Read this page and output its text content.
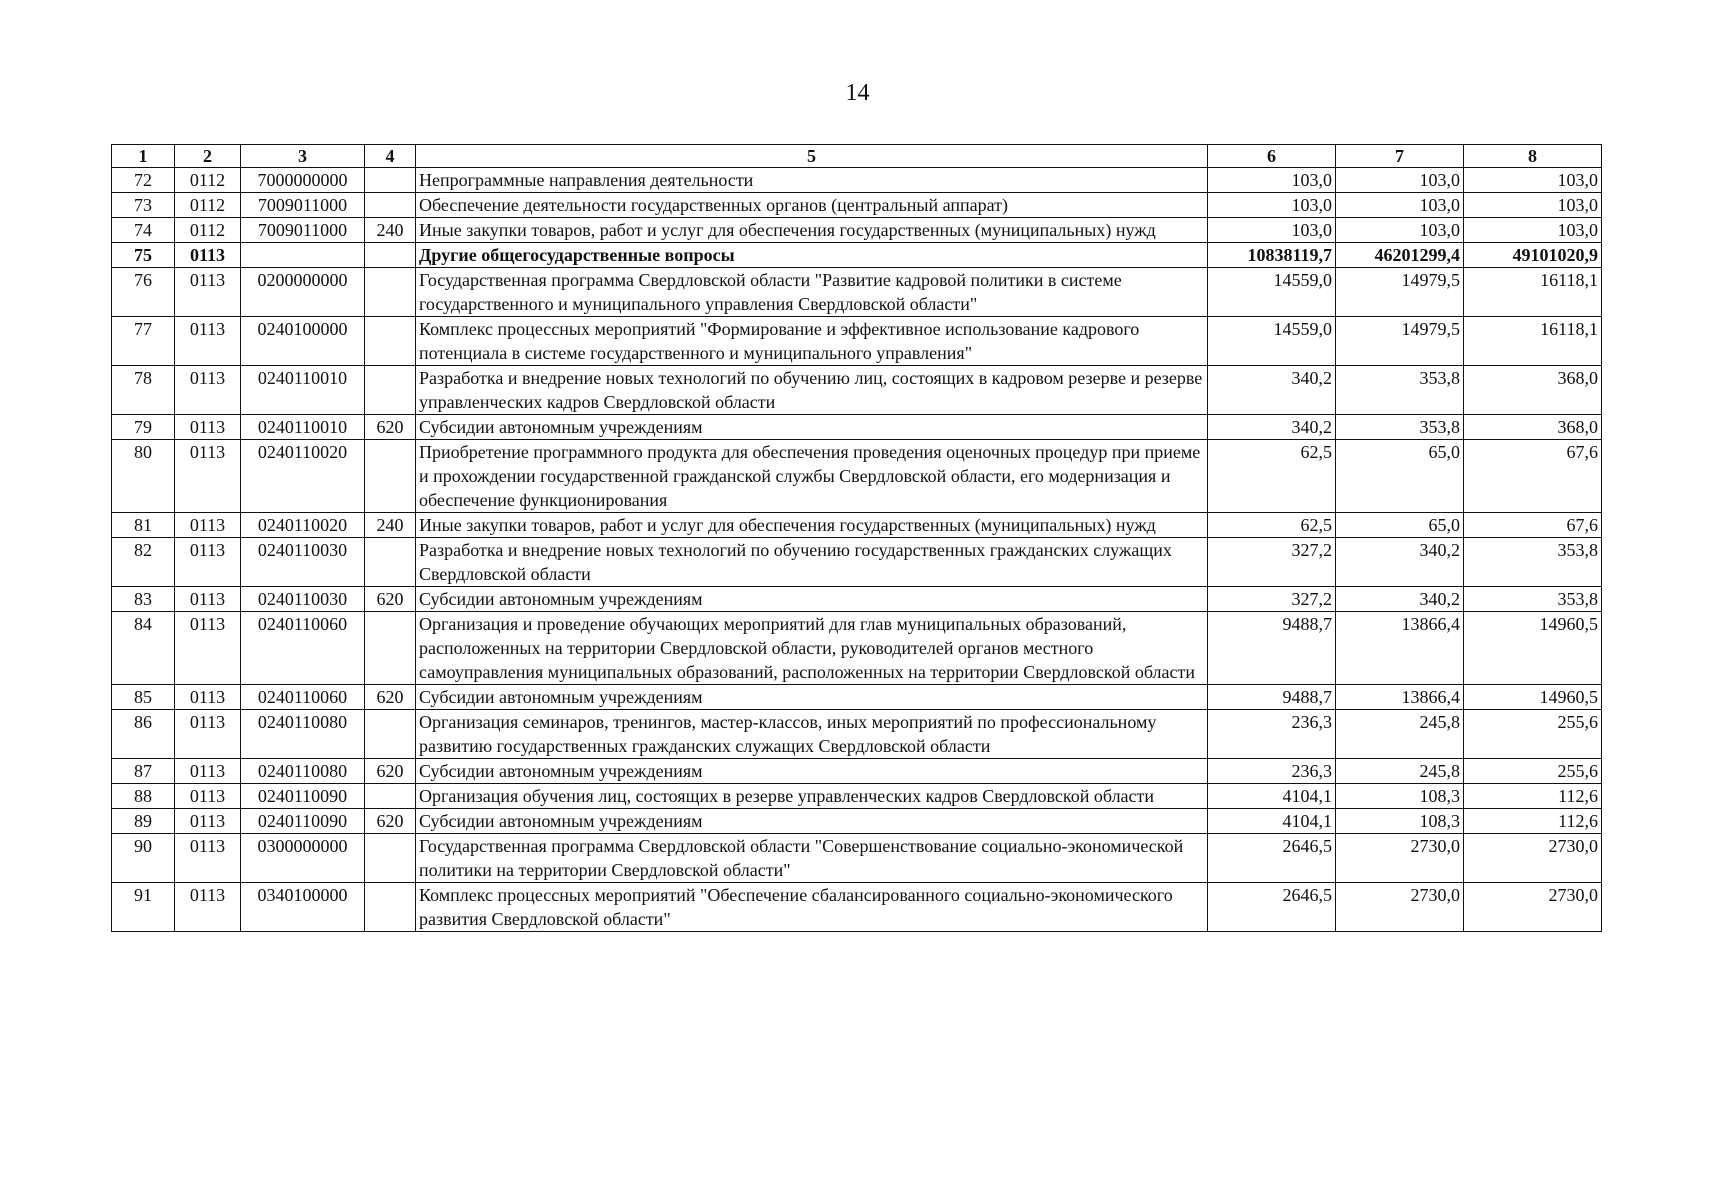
14
1	2	3	4	5	6	7	8
72	0112	7000000000		Непрограммные направления деятельности	103,0	103,0	103,0
73	0112	7009011000		Обеспечение деятельности государственных органов (центральный аппарат)	103,0	103,0	103,0
74	0112	7009011000	240	Иные закупки товаров, работ и услуг для обеспечения государственных (муниципальных) нужд	103,0	103,0	103,0
75	0113			Другие общегосударственные вопросы	10838119,7	46201299,4	49101020,9
76	0113	0200000000		Государственная программа Свердловской области "Развитие кадровой политики в системе государственного и муниципального управления Свердловской области"	14559,0	14979,5	16118,1
77	0113	0240100000		Комплекс процессных мероприятий "Формирование и эффективное использование кадрового потенциала в системе государственного и муниципального управления"	14559,0	14979,5	16118,1
78	0113	0240110010		Разработка и внедрение новых технологий по обучению лиц, состоящих в кадровом резерве и резерве управленческих кадров Свердловской области	340,2	353,8	368,0
79	0113	0240110010	620	Субсидии автономным учреждениям	340,2	353,8	368,0
80	0113	0240110020		Приобретение программного продукта для обеспечения проведения оценочных процедур при приеме и прохождении государственной гражданской службы Свердловской области, его модернизация и обеспечение функционирования	62,5	65,0	67,6
81	0113	0240110020	240	Иные закупки товаров, работ и услуг для обеспечения государственных (муниципальных) нужд	62,5	65,0	67,6
82	0113	0240110030		Разработка и внедрение новых технологий по обучению государственных гражданских служащих Свердловской области	327,2	340,2	353,8
83	0113	0240110030	620	Субсидии автономным учреждениям	327,2	340,2	353,8
84	0113	0240110060		Организация и проведение обучающих мероприятий для глав муниципальных образований, расположенных на территории Свердловской области, руководителей органов местного самоуправления муниципальных образований, расположенных на территории Свердловской области	9488,7	13866,4	14960,5
85	0113	0240110060	620	Субсидии автономным учреждениям	9488,7	13866,4	14960,5
86	0113	0240110080		Организация семинаров, тренингов, мастер-классов, иных мероприятий по профессиональному развитию государственных гражданских служащих Свердловской области	236,3	245,8	255,6
87	0113	0240110080	620	Субсидии автономным учреждениям	236,3	245,8	255,6
88	0113	0240110090		Организация обучения лиц, состоящих в резерве управленческих кадров Свердловской области	4104,1	108,3	112,6
89	0113	0240110090	620	Субсидии автономным учреждениям	4104,1	108,3	112,6
90	0113	0300000000		Государственная программа Свердловской области "Совершенствование социально-экономической политики на территории Свердловской области"	2646,5	2730,0	2730,0
91	0113	0340100000		Комплекс процессных мероприятий "Обеспечение сбалансированного социально-экономического развития Свердловской области"	2646,5	2730,0	2730,0
